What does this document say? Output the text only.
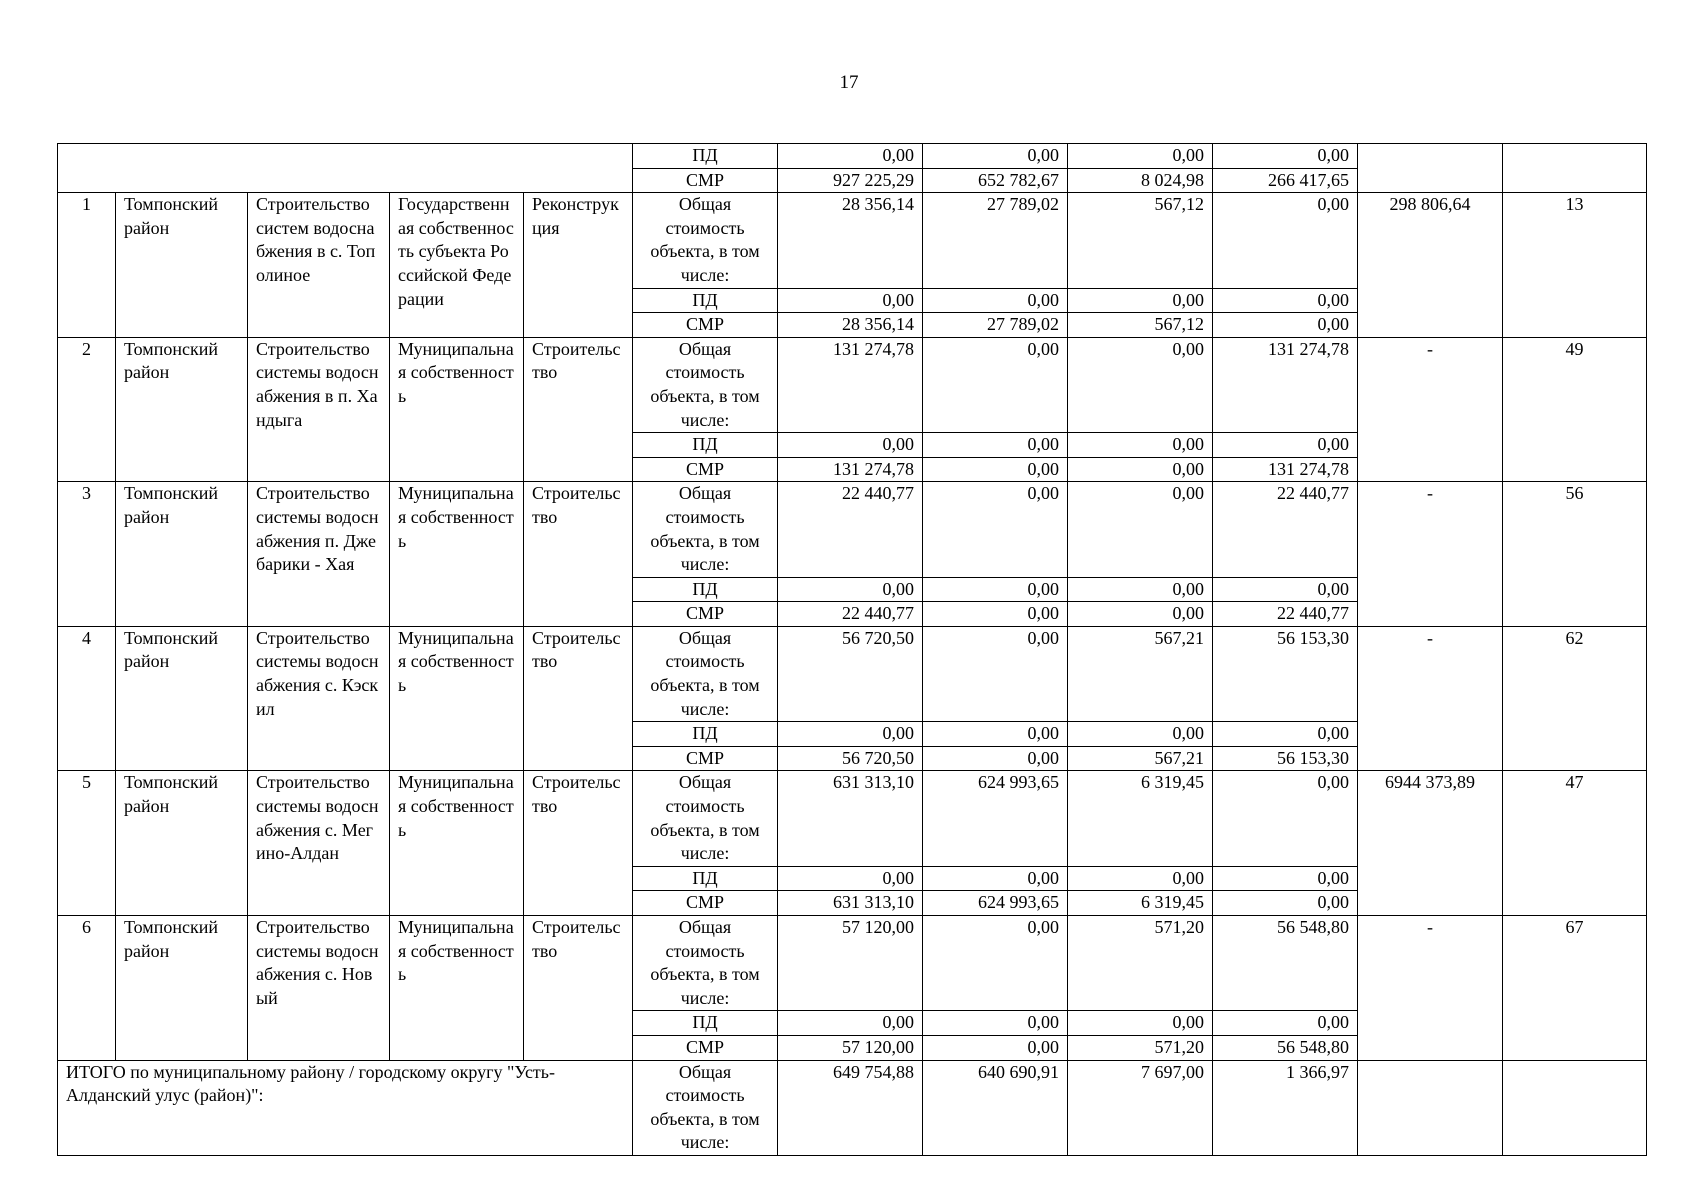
17
					ПД	0,00	0,00	0,00	0,00		
					СМР	927 225,29	652 782,67	8 024,98	266 417,65		
1	Томпонский район	Строительство систем водоснабжения в с. Тополиное	Государственная собственность субъекта Российской Федерации	Реконструкция	Общая стоимость объекта, в том числе:	28 356,14	27 789,02	567,12	0,00	298 806,64	13
					ПД	0,00	0,00	0,00	0,00		
					СМР	28 356,14	27 789,02	567,12	0,00		
2	Томпонский район	Строительство системы водоснабжения в п. Хандыга	Муниципальная собственность	Строительство	Общая стоимость объекта, в том числе:	131 274,78	0,00	0,00	131 274,78	-	49
					ПД	0,00	0,00	0,00	0,00		
					СМР	131 274,78	0,00	0,00	131 274,78		
3	Томпонский район	Строительство системы водоснабжения п. Джебарики - Хая	Муниципальная собственность	Строительство	Общая стоимость объекта, в том числе:	22 440,77	0,00	0,00	22 440,77	-	56
					ПД	0,00	0,00	0,00	0,00		
					СМР	22 440,77	0,00	0,00	22 440,77		
4	Томпонский район	Строительство системы водоснабжения с. Кэскил	Муниципальная собственность	Строительство	Общая стоимость объекта, в том числе:	56 720,50	0,00	567,21	56 153,30	-	62
					ПД	0,00	0,00	0,00	0,00		
					СМР	56 720,50	0,00	567,21	56 153,30		
5	Томпонский район	Строительство системы водоснабжения с. Мегино-Алдан	Муниципальная собственность	Строительство	Общая стоимость объекта, в том числе:	631 313,10	624 993,65	6 319,45	0,00	6944 373,89	47
					ПД	0,00	0,00	0,00	0,00		
					СМР	631 313,10	624 993,65	6 319,45	0,00		
6	Томпонский район	Строительство системы водоснабжения с. Новый	Муниципальная собственность	Строительство	Общая стоимость объекта, в том числе:	57 120,00	0,00	571,20	56 548,80	-	67
					ПД	0,00	0,00	0,00	0,00		
					СМР	57 120,00	0,00	571,20	56 548,80		
ИТОГО по муниципальному району / городскому округу "Усть-Алданский улус (район)":					Общая стоимость объекта, в том числе:	649 754,88	640 690,91	7 697,00	1 366,97		
